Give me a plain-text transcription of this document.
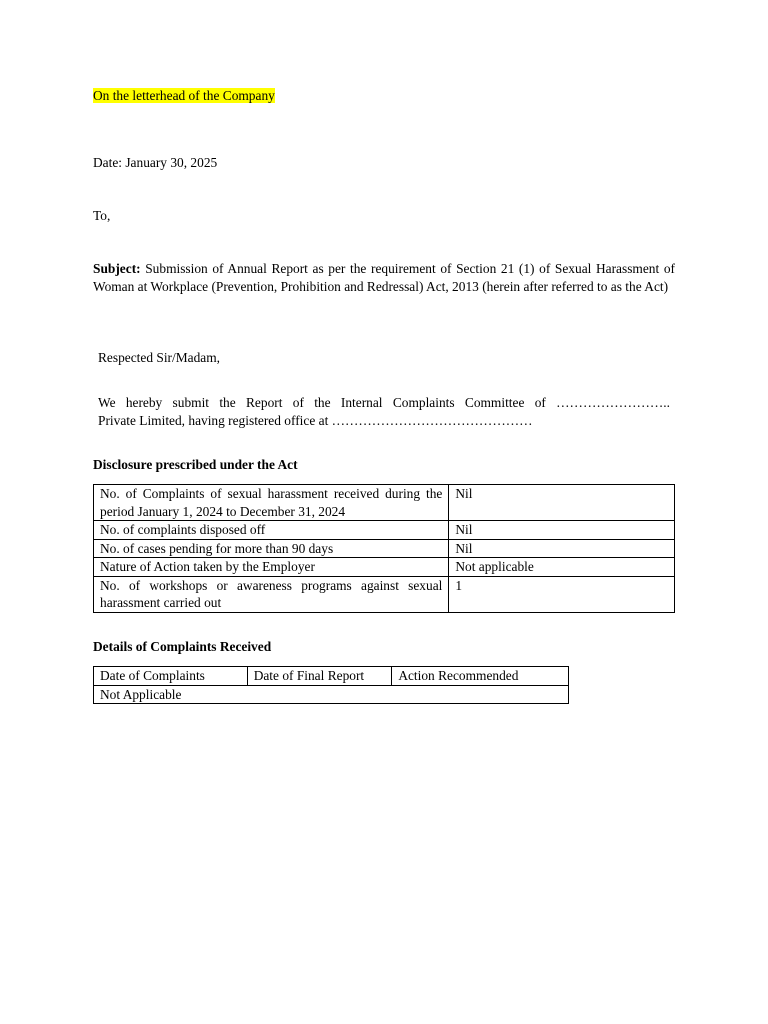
On the letterhead of the Company
Date: January 30, 2025
To,
Subject: Submission of Annual Report as per the requirement of Section 21 (1) of Sexual Harassment of Woman at Workplace (Prevention, Prohibition and Redressal) Act, 2013 (herein after referred to as the Act)
Respected Sir/Madam,
We hereby submit the Report of the Internal Complaints Committee of ……………………..
Private Limited, having registered office at ………………………………………
Disclosure prescribed under the Act
No. of Complaints of sexual harassment received during the period January 1, 2024 to December 31, 2024	Nil
No. of complaints disposed off	Nil
No. of cases pending for more than 90 days	Nil
Nature of Action taken by the Employer	Not applicable
No. of workshops or awareness programs against sexual harassment carried out	1
Details of Complaints Received
Date of Complaints	Date of Final Report	Action Recommended
Not Applicable
